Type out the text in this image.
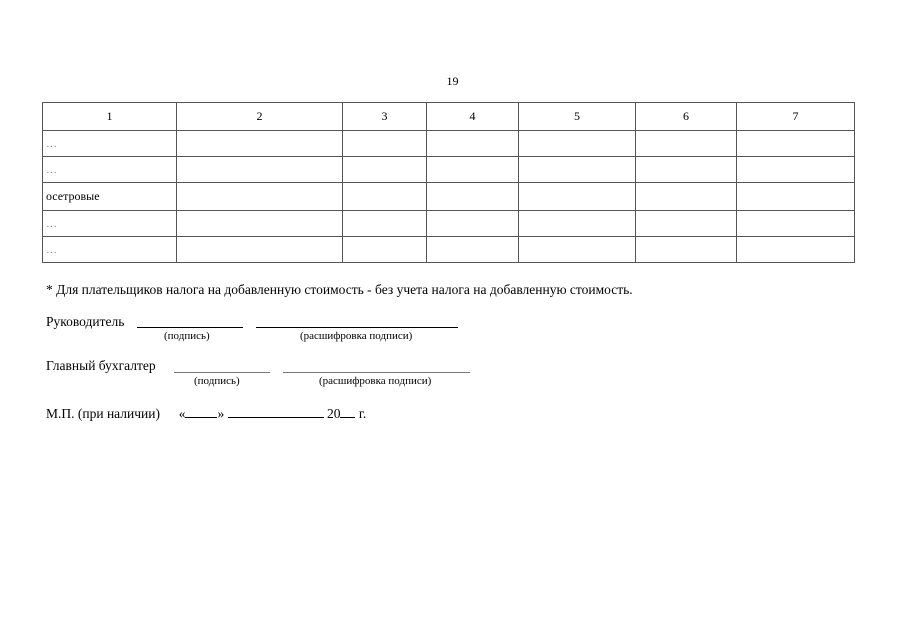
19
1	2	3	4	5	6	7
…						
…						
осетровые						
…						
…						
* Для плательщиков налога на добавленную стоимость - без учета налога на добавленную стоимость.
Руководитель
(подпись)	(расшифровка подписи)
Главный бухгалтер
(подпись)	(расшифровка подписи)
М.П. (при наличии) « »	20 г.
